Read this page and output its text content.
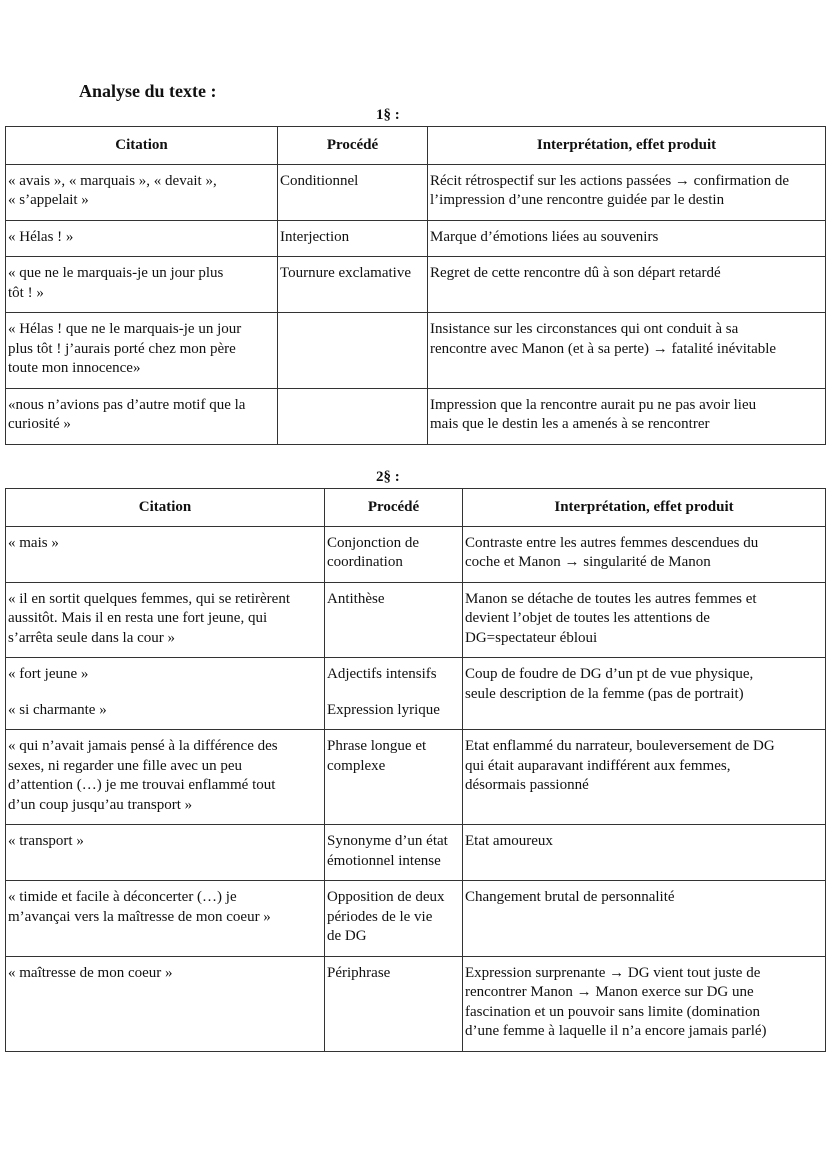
Analyse du texte :
1§ :
Citation	Procédé	Interprétation, effet produit

« avais », « marquais », « devait »,
« s’appelait »	Conditionnel	Récit rétrospectif sur les actions passées → confirmation de
l’impression d’une rencontre guidée par le destin

« Hélas ! »	Interjection	Marque d’émotions liées au souvenirs

« que ne le marquais-je un jour plus
tôt ! »	Tournure exclamative	Regret de cette rencontre dû à son départ retardé

« Hélas ! que ne le marquais-je un jour
plus tôt ! j’aurais porté chez mon père
toute mon innocence»		Insistance sur les circonstances qui ont conduit à sa
rencontre avec Manon (et à sa perte) → fatalité inévitable

«nous n’avions pas d’autre motif que la
curiosité »		Impression que la rencontre aurait pu ne pas avoir lieu
mais que le destin les a amenés à se rencontrer
2§ :
Citation	Procédé	Interprétation, effet produit

« mais »	Conjonction de
coordination	Contraste entre les autres femmes descendues du
coche et Manon → singularité de Manon

« il en sortit quelques femmes, qui se retirèrent
aussitôt. Mais il en resta une fort jeune, qui
s’arrêta seule dans la cour »	Antithèse	Manon se détache de toutes les autres femmes et
devient l’objet de toutes les attentions de
DG=spectateur ébloui

« fort jeune »
« si charmante »	Adjectifs intensifs
Expression lyrique	Coup de foudre de DG d’un pt de vue physique,
seule description de la femme (pas de portrait)

« qui n’avait jamais pensé à la différence des
sexes, ni regarder une fille avec un peu
d’attention (…) je me trouvai enflammé tout
d’un coup jusqu’au transport »	Phrase longue et
complexe	Etat enflammé du narrateur, bouleversement de DG
qui était auparavant indifférent aux femmes,
désormais passionné

« transport »	Synonyme d’un état
émotionnel intense	Etat amoureux

« timide et facile à déconcerter (…) je
m’avançai vers la maîtresse de mon coeur »	Opposition de deux
périodes de le vie
de DG	Changement brutal de personnalité

« maîtresse de mon coeur »	Périphrase	Expression surprenante → DG vient tout juste de
rencontrer Manon → Manon exerce sur DG une
fascination et un pouvoir sans limite (domination
d’une femme à laquelle il n’a encore jamais parlé)
